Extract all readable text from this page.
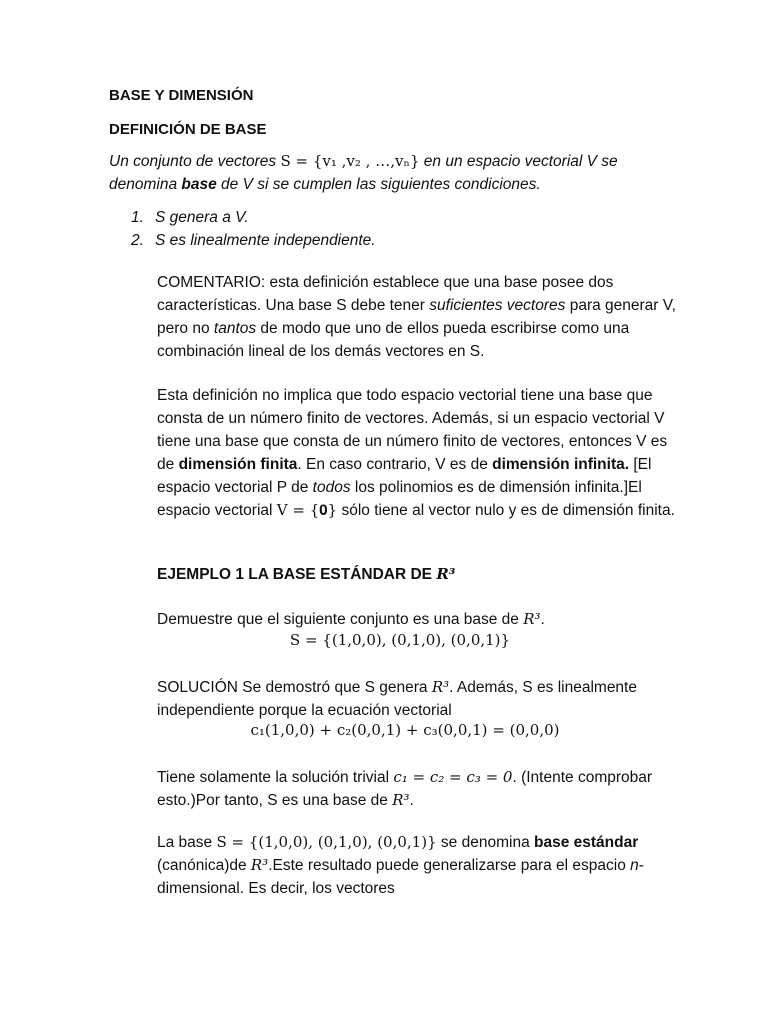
BASE Y DIMENSIÓN
DEFINICIÓN DE BASE
Un conjunto de vectores S = {v₁ ,v₂ , …,vₙ} en un espacio vectorial V se denomina base de V si se cumplen las siguientes condiciones.
1. S genera a V.
2. S es linealmente independiente.
COMENTARIO: esta definición establece que una base posee dos características. Una base S debe tener suficientes vectores para generar V, pero no tantos de modo que uno de ellos pueda escribirse como una combinación lineal de los demás vectores en S.
Esta definición no implica que todo espacio vectorial tiene una base que consta de un número finito de vectores. Además, si un espacio vectorial V tiene una base que consta de un número finito de vectores, entonces V es de dimensión finita. En caso contrario, V es de dimensión infinita. [El espacio vectorial P de todos los polinomios es de dimensión infinita.]El espacio vectorial V = {𝟎} sólo tiene al vector nulo y es de dimensión finita.
EJEMPLO 1 LA BASE ESTÁNDAR DE R³
Demuestre que el siguiente conjunto es una base de R³.
S = {(1,0,0), (0,1,0), (0,0,1)}
SOLUCIÓN Se demostró que S genera R³. Además, S es linealmente independiente porque la ecuación vectorial
c₁(1,0,0) + c₂(0,0,1) + c₃(0,0,1) = (0,0,0)
Tiene solamente la solución trivial c₁ = c₂ = c₃ = 0. (Intente comprobar esto.)Por tanto, S es una base de R³.
La base S = {(1,0,0), (0,1,0), (0,0,1)} se denomina base estándar (canónica)de R³.Este resultado puede generalizarse para el espacio n-dimensional. Es decir, los vectores
